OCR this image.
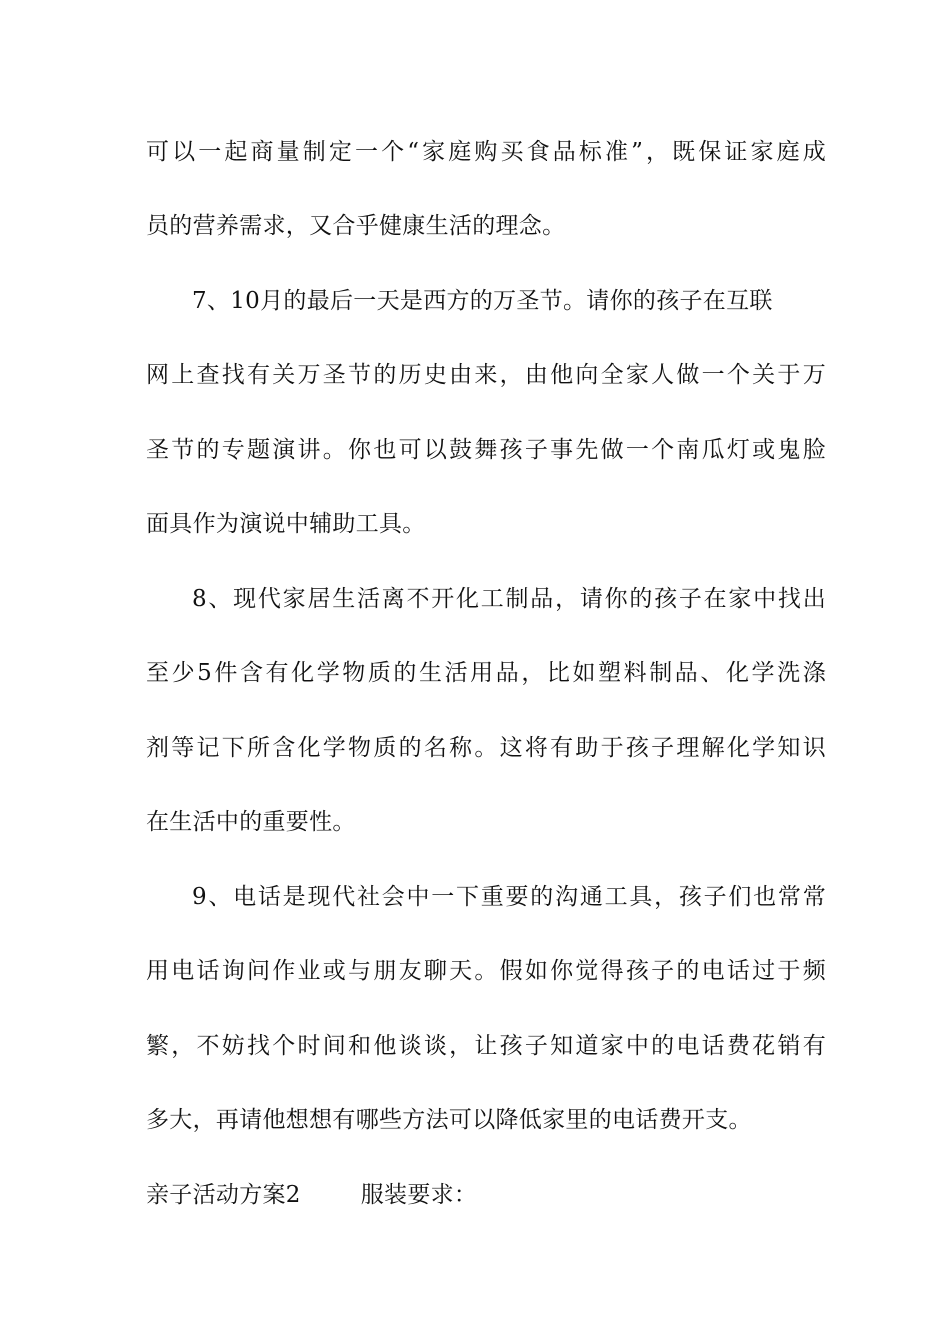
可以一起商量制定一个“家庭购买食品标准”，既保证家庭成
员的营养需求，又合乎健康生活的理念。
7、10月的最后一天是西方的万圣节。请你的孩子在互联
网上查找有关万圣节的历史由来，由他向全家人做一个关于万
圣节的专题演讲。你也可以鼓舞孩子事先做一个南瓜灯或鬼脸
面具作为演说中辅助工具。
8、现代家居生活离不开化工制品，请你的孩子在家中找出
至少5件含有化学物质的生活用品，比如塑料制品、化学洗涤
剂等记下所含化学物质的名称。这将有助于孩子理解化学知识
在生活中的重要性。
9、电话是现代社会中一下重要的沟通工具，孩子们也常常
用电话询问作业或与朋友聊天。假如你觉得孩子的电话过于频
繁，不妨找个时间和他谈谈，让孩子知道家中的电话费花销有
多大，再请他想想有哪些方法可以降低家里的电话费开支。
亲子活动方案2	服装要求：
